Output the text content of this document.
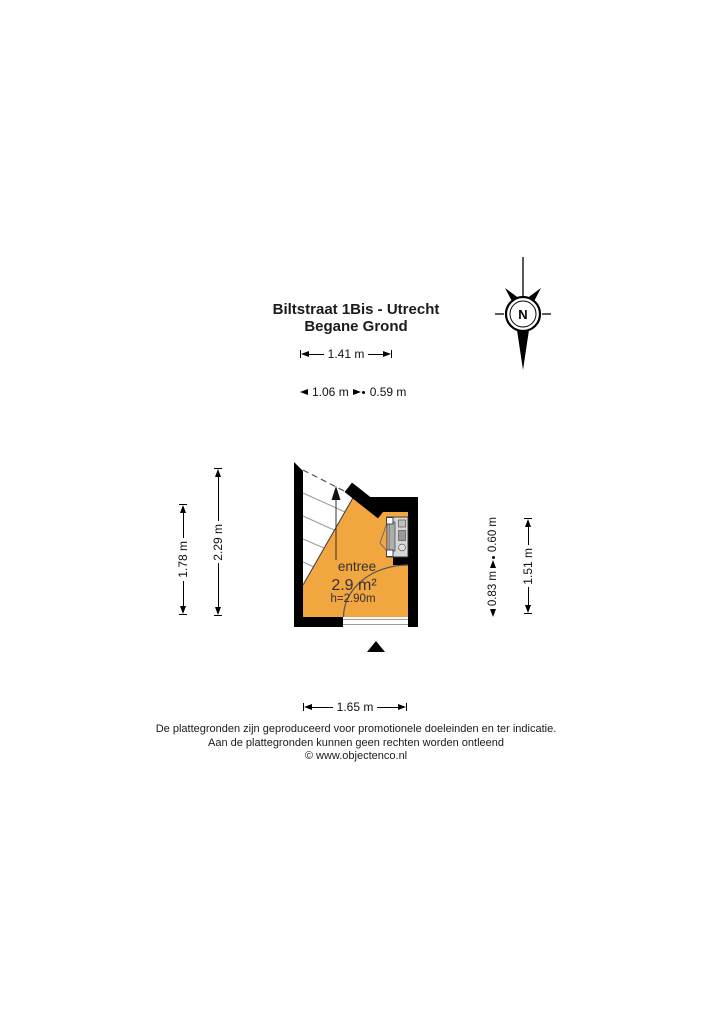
Biltstraat 1Bis - Utrecht
Begane Grond
N
1.41 m
1.06 m	0.59 m
1.78 m 2.29 m	0.60 m
0.83 m
1.51 m
1.65 m
entree
2.9 m²
h=2.90m
De plattegronden zijn geproduceerd voor promotionele doeleinden en ter indicatie.
Aan de plattegronden kunnen geen rechten worden ontleend
© www.objectenco.nl
